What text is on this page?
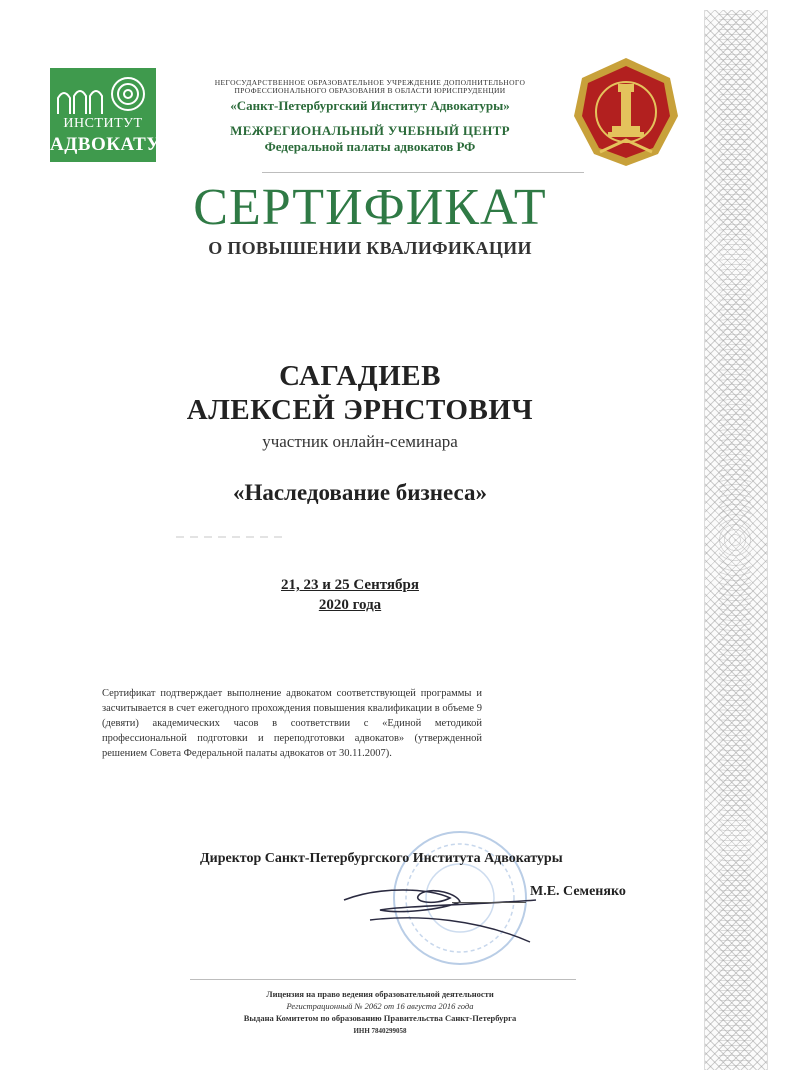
ИНСТИТУТ
АДВОКАТУРЫ
НЕГОСУДАРСТВЕННОЕ ОБРАЗОВАТЕЛЬНОЕ УЧРЕЖДЕНИЕ ДОПОЛНИТЕЛЬНОГО
ПРОФЕССИОНАЛЬНОГО ОБРАЗОВАНИЯ В ОБЛАСТИ ЮРИСПРУДЕНЦИИ
«Санкт-Петербургский Институт Адвокатуры»
МЕЖРЕГИОНАЛЬНЫЙ УЧЕБНЫЙ ЦЕНТР
Федеральной палаты адвокатов РФ
СЕРТИФИКАТ
О ПОВЫШЕНИИ КВАЛИФИКАЦИИ
САГАДИЕВ
АЛЕКСЕЙ ЭРНСТОВИЧ
участник онлайн-семинара
«Наследование бизнеса»
21, 23 и 25 Сентября
2020 года
Сертификат подтверждает выполнение адвокатом соответствующей программы и засчитывается в счет ежегодного прохождения повышения квалификации в объеме 9 (девяти) академических часов в соответствии с «Единой методикой профессиональной подготовки и переподготовки адвокатов» (утвержденной решением Совета Федеральной палаты адвокатов от 30.11.2007).
Директор Санкт-Петербургского Института Адвокатуры
М.Е. Семеняко
Лицензия на право ведения образовательной деятельности
Регистрационный № 2062 от 16 августа 2016 года
Выдана Комитетом по образованию Правительства Санкт-Петербурга
ИНН 7840299058
